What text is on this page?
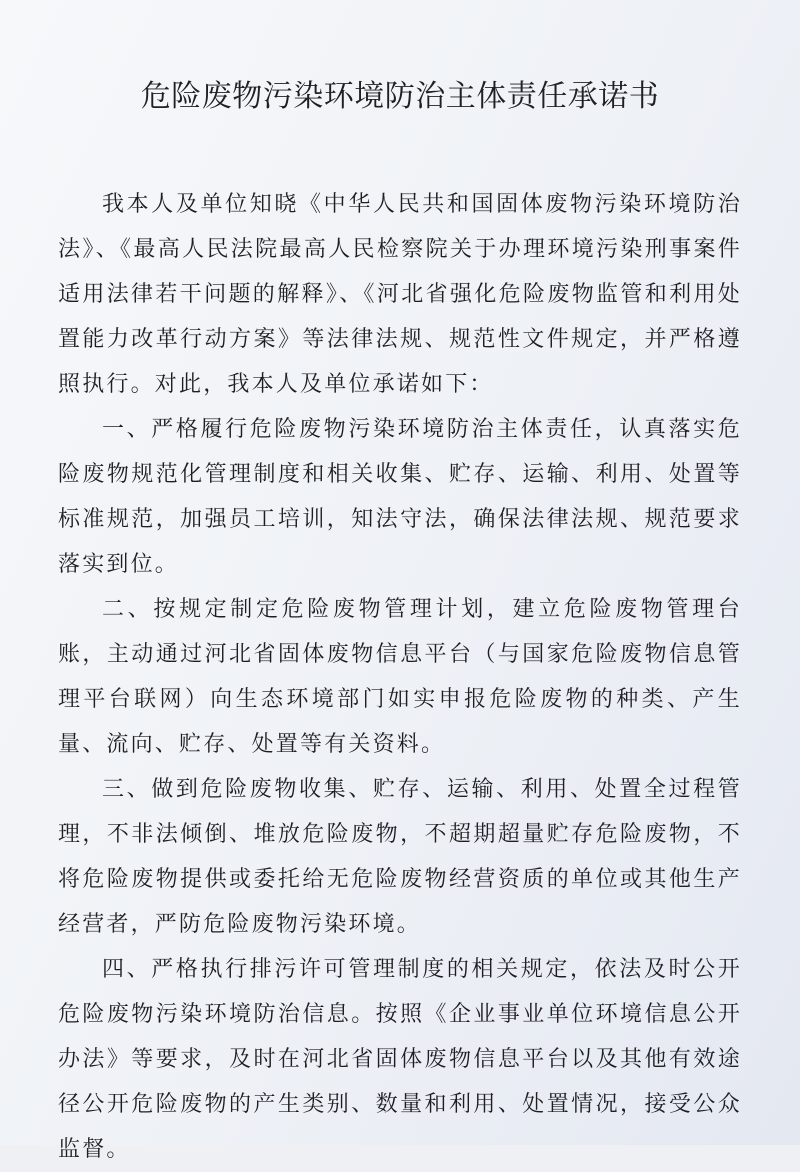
危险废物污染环境防治主体责任承诺书

我本人及单位知晓《中华人民共和国固体废物污染环境防治法》、《最高人民法院最高人民检察院关于办理环境污染刑事案件适用法律若干问题的解释》、《河北省强化危险废物监管和利用处置能力改革行动方案》等法律法规、规范性文件规定，并严格遵照执行。对此，我本人及单位承诺如下：

一、严格履行危险废物污染环境防治主体责任，认真落实危险废物规范化管理制度和相关收集、贮存、运输、利用、处置等标准规范，加强员工培训，知法守法，确保法律法规、规范要求落实到位。

二、按规定制定危险废物管理计划，建立危险废物管理台账，主动通过河北省固体废物信息平台（与国家危险废物信息管理平台联网）向生态环境部门如实申报危险废物的种类、产生量、流向、贮存、处置等有关资料。

三、做到危险废物收集、贮存、运输、利用、处置全过程管理，不非法倾倒、堆放危险废物，不超期超量贮存危险废物，不将危险废物提供或委托给无危险废物经营资质的单位或其他生产经营者，严防危险废物污染环境。

四、严格执行排污许可管理制度的相关规定，依法及时公开危险废物污染环境防治信息。按照《企业事业单位环境信息公开办法》等要求，及时在河北省固体废物信息平台以及其他有效途径公开危险废物的产生类别、数量和利用、处置情况，接受公众监督。
